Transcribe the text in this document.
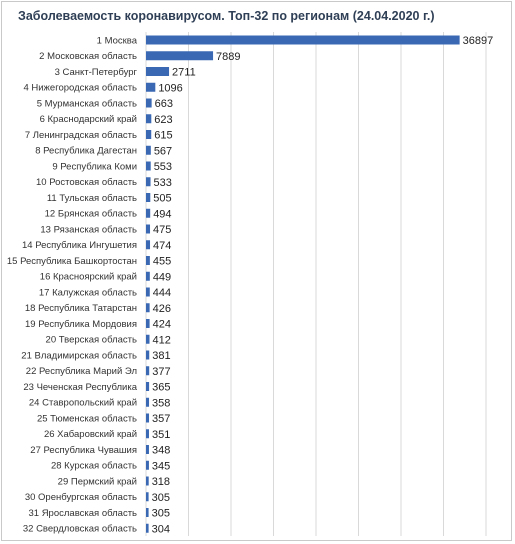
Заболеваемость коронавирусом. Топ-32 по регионам (24.04.2020 г.)
1 Москва	36897
2 Московская область	7889
3 Санкт-Петербург	2711
4 Нижегородская область 1096
5 Мурманская область 663
6 Краснодарский край 623
7 Ленинградская область 615
8 Республика Дагестан 567
9 Республика Коми 553
10 Ростовская область 533
11 Тульская область 505
12 Брянская область 494
13 Рязанская область 475
14 Республика Ингушетия 474
15 Республика Башкортостан 455
16 Красноярский край 449
17 Калужская область 444
18 Республика Татарстан 426
19 Республика Мордовия 424
20 Тверская область 412
21 Владимирская область 381
22 Республика Марий Эл 377
23 Чеченская Республика 365
24 Ставропольский край 358
25 Тюменская область 357
26 Хабаровский край 351
27 Республика Чувашия 348
28 Курская область 345
29 Пермский край 318
30 Оренбургская область 305
31 Ярославская область 305
32 Свердловская область 304
